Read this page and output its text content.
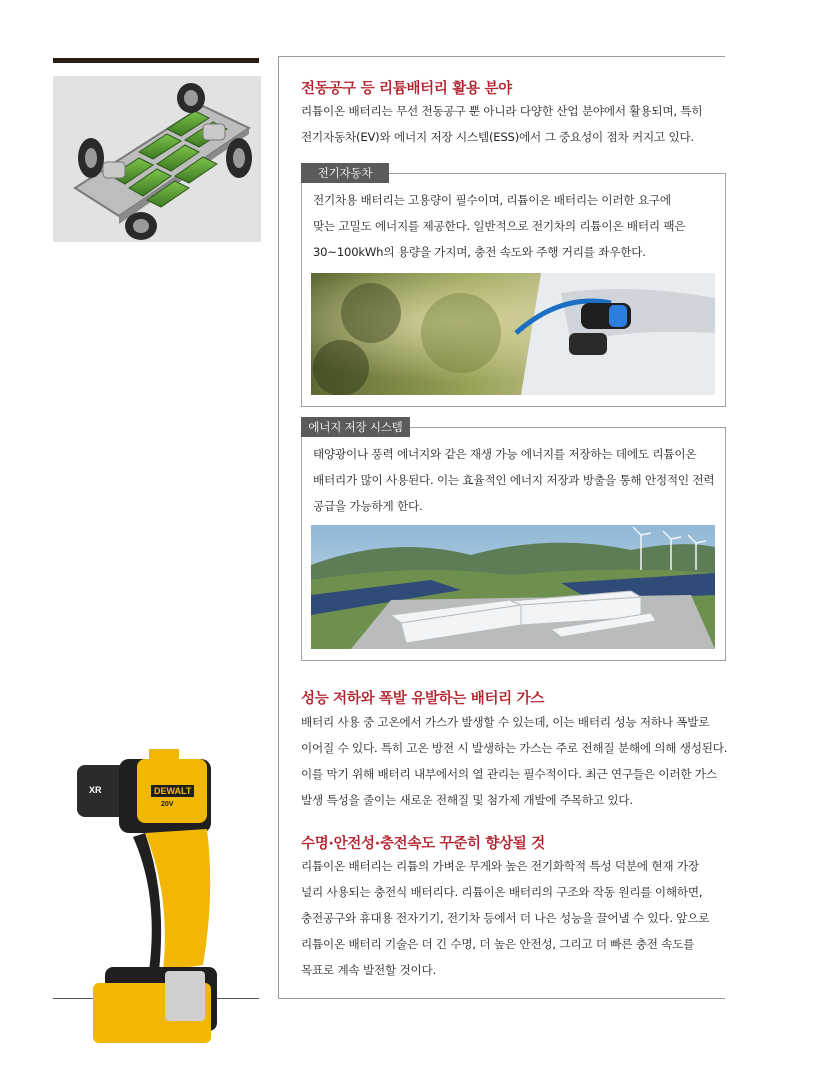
전동공구 등 리튬배터리 활용 분야
리튬이온 배터리는 무선 전동공구 뿐 아니라 다양한 산업 분야에서 활용되며, 특히
전기자동차(EV)와 에너지 저장 시스템(ESS)에서 그 중요성이 점차 커지고 있다.
전기자동차
전기차용 배터리는 고용량이 필수이며, 리튬이온 배터리는 이러한 요구에
맞는 고밀도 에너지를 제공한다. 일반적으로 전기차의 리튬이온 배터리 팩은
30~100kWh의 용량을 가지며, 충전 속도와 주행 거리를 좌우한다.
에너지 저장 시스템
태양광이나 풍력 에너지와 같은 재생 가능 에너지를 저장하는 데에도 리튬이온
배터리가 많이 사용된다. 이는 효율적인 에너지 저장과 방출을 통해 안정적인 전력
공급을 가능하게 한다.
성능 저하와 폭발 유발하는 배터리 가스
배터리 사용 중 고온에서 가스가 발생할 수 있는데, 이는 배터리 성능 저하나 폭발로
이어질 수 있다. 특히 고온 방전 시 발생하는 가스는 주로 전해질 분해에 의해 생성된다.
이를 막기 위해 배터리 내부에서의 열 관리는 필수적이다. 최근 연구들은 이러한 가스
발생 특성을 줄이는 새로운 전해질 및 첨가제 개발에 주목하고 있다.
수명·안전성·충전속도 꾸준히 향상될 것
리튬이온 배터리는 리튬의 가벼운 무게와 높은 전기화학적 특성 덕분에 현재 가장
널리 사용되는 충전식 배터리다. 리튬이온 배터리의 구조와 작동 원리를 이해하면,
충전공구와 휴대용 전자기기, 전기차 등에서 더 나은 성능을 끌어낼 수 있다. 앞으로
리튬이온 배터리 기술은 더 긴 수명, 더 높은 안전성, 그리고 더 빠른 충전 속도를
목표로 계속 발전할 것이다.
DEWALT
20V
XR
